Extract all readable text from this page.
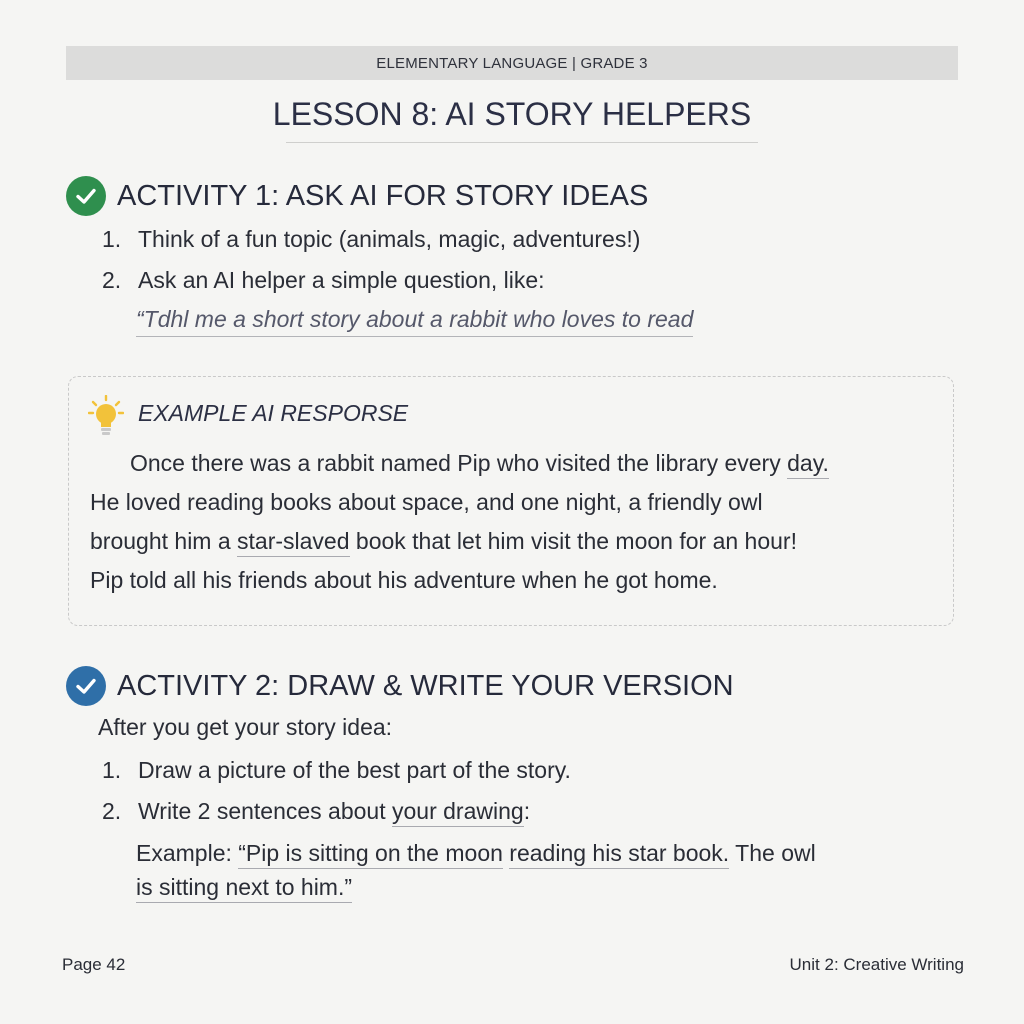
ELEMENTARY LANGUAGE | GRADE 3
LESSON 8: AI STORY HELPERS
ACTIVITY 1: ASK AI FOR STORY IDEAS
1. Think of a fun topic (animals, magic, adventures!)
2. Ask an AI helper a simple question, like:
“Tdhl me a short story about a rabbit who loves to read
EXAMPLE AI RESPORSE
Once there was a rabbit named Pip who visited the library every day.
He loved reading books about space, and one night, a friendly owl
brought him a star-slaved book that let him visit the moon for an hour!
Pip told all his friends about his adventure when he got home.
ACTIVITY 2: DRAW & WRITE YOUR VERSION
After you get your story idea:
1. Draw a picture of the best part of the story.
2. Write 2 sentences about your drawing:
Example: “Pip is sitting on the moon reading his star book. The owl
is sitting next to him.”
Page 42	Unit 2: Creative Writing
